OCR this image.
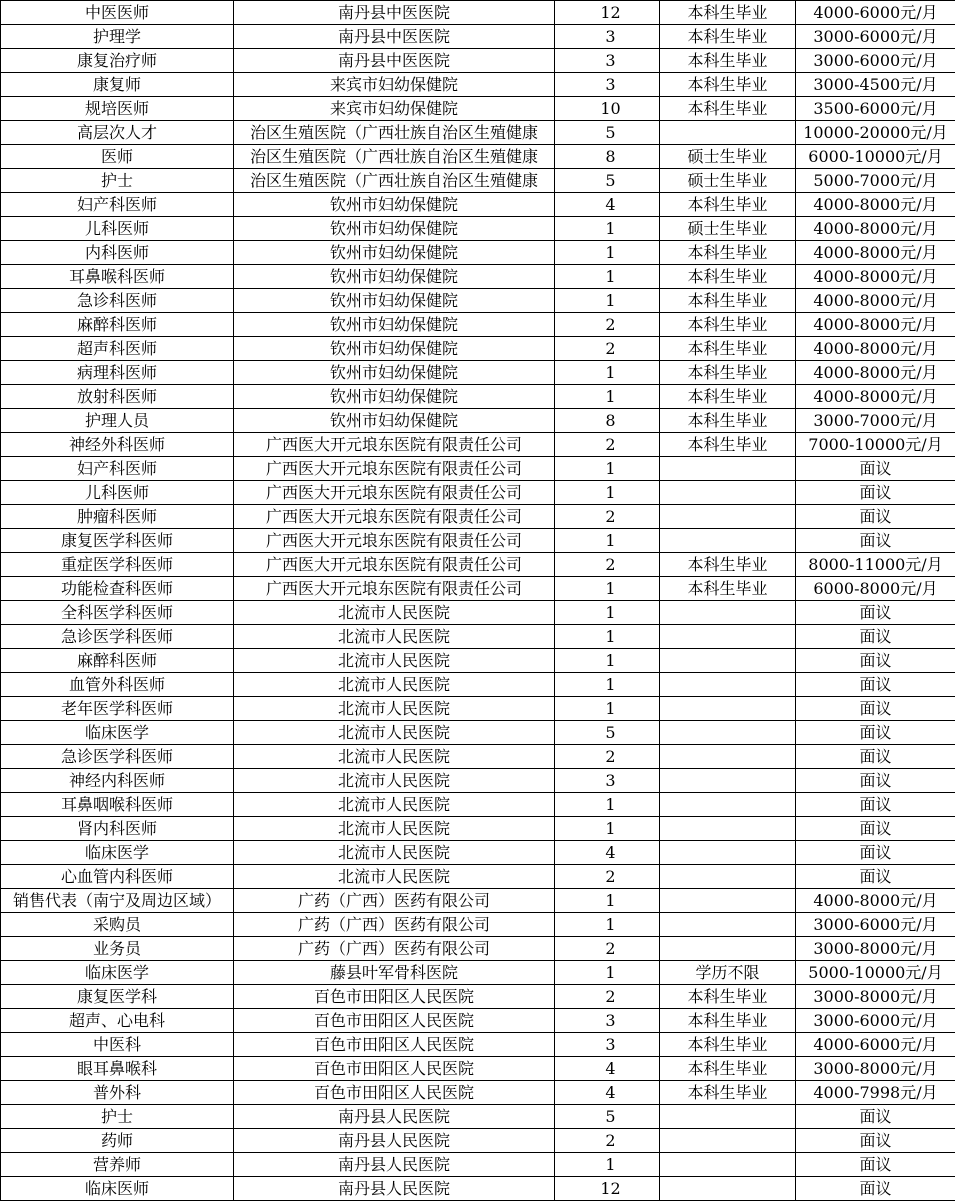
中医医师	南丹县中医医院	12	本科生毕业	4000-6000元/月
护理学	南丹县中医医院	3	本科生毕业	3000-6000元/月
康复治疗师	南丹县中医医院	3	本科生毕业	3000-6000元/月
康复师	来宾市妇幼保健院	3	本科生毕业	3000-4500元/月
规培医师	来宾市妇幼保健院	10	本科生毕业	3500-6000元/月
高层次人才	治区生殖医院（广西壮族自治区生殖健康	5		10000-20000元/月
医师	治区生殖医院（广西壮族自治区生殖健康	8	硕士生毕业	6000-10000元/月
护士	治区生殖医院（广西壮族自治区生殖健康	5	硕士生毕业	5000-7000元/月
妇产科医师	钦州市妇幼保健院	4	本科生毕业	4000-8000元/月
儿科医师	钦州市妇幼保健院	1	硕士生毕业	4000-8000元/月
内科医师	钦州市妇幼保健院	1	本科生毕业	4000-8000元/月
耳鼻喉科医师	钦州市妇幼保健院	1	本科生毕业	4000-8000元/月
急诊科医师	钦州市妇幼保健院	1	本科生毕业	4000-8000元/月
麻醉科医师	钦州市妇幼保健院	2	本科生毕业	4000-8000元/月
超声科医师	钦州市妇幼保健院	2	本科生毕业	4000-8000元/月
病理科医师	钦州市妇幼保健院	1	本科生毕业	4000-8000元/月
放射科医师	钦州市妇幼保健院	1	本科生毕业	4000-8000元/月
护理人员	钦州市妇幼保健院	8	本科生毕业	3000-7000元/月
神经外科医师	广西医大开元埌东医院有限责任公司	2	本科生毕业	7000-10000元/月
妇产科医师	广西医大开元埌东医院有限责任公司	1		面议
儿科医师	广西医大开元埌东医院有限责任公司	1		面议
肿瘤科医师	广西医大开元埌东医院有限责任公司	2		面议
康复医学科医师	广西医大开元埌东医院有限责任公司	1		面议
重症医学科医师	广西医大开元埌东医院有限责任公司	2	本科生毕业	8000-11000元/月
功能检查科医师	广西医大开元埌东医院有限责任公司	1	本科生毕业	6000-8000元/月
全科医学科医师	北流市人民医院	1		面议
急诊医学科医师	北流市人民医院	1		面议
麻醉科医师	北流市人民医院	1		面议
血管外科医师	北流市人民医院	1		面议
老年医学科医师	北流市人民医院	1		面议
临床医学	北流市人民医院	5		面议
急诊医学科医师	北流市人民医院	2		面议
神经内科医师	北流市人民医院	3		面议
耳鼻咽喉科医师	北流市人民医院	1		面议
肾内科医师	北流市人民医院	1		面议
临床医学	北流市人民医院	4		面议
心血管内科医师	北流市人民医院	2		面议
销售代表（南宁及周边区域）	广药（广西）医药有限公司	1		4000-8000元/月
采购员	广药（广西）医药有限公司	1		3000-6000元/月
业务员	广药（广西）医药有限公司	2		3000-8000元/月
临床医学	藤县叶军骨科医院	1	学历不限	5000-10000元/月
康复医学科	百色市田阳区人民医院	2	本科生毕业	3000-8000元/月
超声、心电科	百色市田阳区人民医院	3	本科生毕业	3000-6000元/月
中医科	百色市田阳区人民医院	3	本科生毕业	4000-6000元/月
眼耳鼻喉科	百色市田阳区人民医院	4	本科生毕业	3000-8000元/月
普外科	百色市田阳区人民医院	4	本科生毕业	4000-7998元/月
护士	南丹县人民医院	5		面议
药师	南丹县人民医院	2		面议
营养师	南丹县人民医院	1		面议
临床医师	南丹县人民医院	12		面议
